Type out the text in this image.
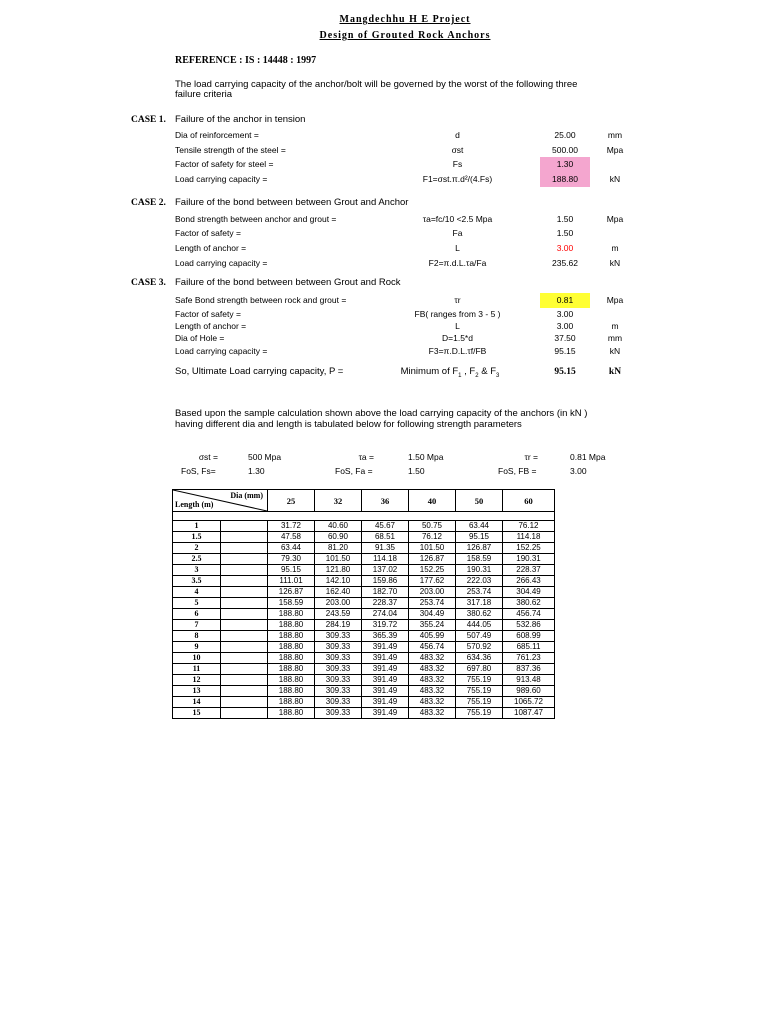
Mangdechhu H E Project
Design of Grouted Rock Anchors
REFERENCE : IS : 14448 : 1997
The load carrying capacity of the anchor/bolt will be governed by the worst of the following three
failure criteria
CASE 1. Failure of the anchor in tension
Dia of reinforcement =	d	25.00	mm
Tensile strength of the steel =	σst	500.00	Mpa
Factor of safety for steel =	Fs	1.30
Load carrying capacity =	F1=σst.π.d²/(4.Fs)	188.80	kN
CASE 2. Failure of the bond between between Grout and Anchor
Bond strength between anchor and grout =	τa=fc/10 <2.5 Mpa	1.50	Mpa
Factor of safety =	Fa	1.50
Length of anchor =	L	3.00	m
Load carrying capacity =	F2=π.d.L.τa/Fa	235.62	kN
CASE 3. Failure of the bond between between Grout and Rock
Safe Bond strength between rock and grout =	τr	0.81	Mpa
Factor of safety =	FB( ranges from 3 - 5 )	3.00
Length of anchor =	L	3.00	m
Dia of Hole =	D=1.5*d	37.50	mm
Load carrying capacity =	F3=π.D.L.τf/FB	95.15	kN
So, Ultimate Load carrying capacity, P =	Minimum of $F_1$ , $F_2$ & $F_3$	95.15	kN
Based upon the sample calculation shown above the load carrying capacity of the anchors (in kN )
having different dia and length is tabulated below for following strength parameters
σst =	500 Mpa	τa =	1.50 Mpa	τr =	0.81 Mpa
FoS, Fs=	1.30	FoS, Fa =	1.50	FoS, FB =	3.00
Dia (mm)
Length (m)		25	32	36	40	50	60

1		31.72	40.60	45.67	50.75	63.44	76.12
1.5		47.58	60.90	68.51	76.12	95.15	114.18
2		63.44	81.20	91.35	101.50	126.87	152.25
2.5		79.30	101.50	114.18	126.87	158.59	190.31
3		95.15	121.80	137.02	152.25	190.31	228.37
3.5		111.01	142.10	159.86	177.62	222.03	266.43
4		126.87	162.40	182.70	203.00	253.74	304.49
5		158.59	203.00	228.37	253.74	317.18	380.62
6		188.80	243.59	274.04	304.49	380.62	456.74
7		188.80	284.19	319.72	355.24	444.05	532.86
8		188.80	309.33	365.39	405.99	507.49	608.99
9		188.80	309.33	391.49	456.74	570.92	685.11
10		188.80	309.33	391.49	483.32	634.36	761.23
11		188.80	309.33	391.49	483.32	697.80	837.36
12		188.80	309.33	391.49	483.32	755.19	913.48
13		188.80	309.33	391.49	483.32	755.19	989.60
14		188.80	309.33	391.49	483.32	755.19	1065.72
15		188.80	309.33	391.49	483.32	755.19	1087.47
